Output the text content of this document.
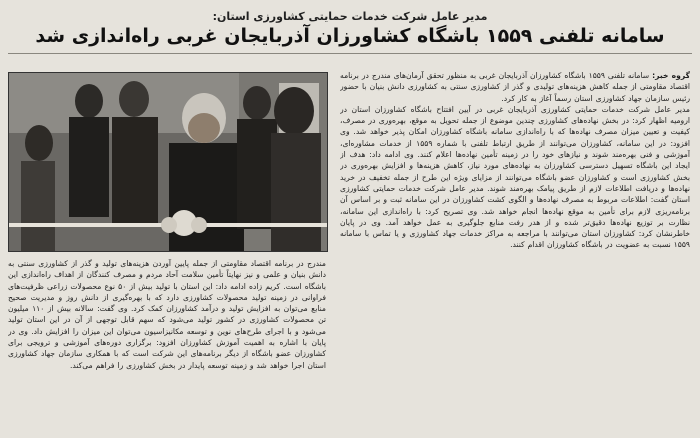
مدیر عامل شرکت خدمات حمایتی کشاورزی استان:
سامانه تلفنی ۱۵۵۹ باشگاه کشاورزان آذربایجان غربی راه‌اندازی شد

گروه خبر: سامانه تلفنی ۱۵۵۹ باشگاه کشاورزان آذربایجان غربی به منظور تحقق آرمان‌های مندرج در برنامه اقتصاد مقاومتی از جمله کاهش هزینه‌های تولیدی و گذر از کشاورزی سنتی به کشاورزی دانش بنیان با حضور رئیس سازمان جهاد کشاورزی استان رسماً آغاز به کار کرد.

مدیر عامل شرکت خدمات حمایتی کشاورزی آذربایجان غربی در آیین افتتاح باشگاه کشاورزان استان در ارومیه اظهار کرد: در بخش نهاده‌های کشاورزی چندین موضوع از جمله تحویل به موقع، بهره‌وری در مصرف، کیفیت و تعیین میزان مصرف نهاده‌ها که با راه‌اندازی سامانه باشگاه کشاورزان امکان پذیر خواهد شد. وی افزود: در این سامانه، کشاورزان می‌توانند از طریق ارتباط تلفنی با شماره ۱۵۵۹ از خدمات مشاوره‌ای، آموزشی و فنی بهره‌مند شوند و نیازهای خود را در زمینه تأمین نهاده‌ها اعلام کنند. وی ادامه داد: هدف از ایجاد این باشگاه تسهیل دسترسی کشاورزان به نهاده‌های مورد نیاز، کاهش هزینه‌ها و افزایش بهره‌وری در بخش کشاورزی است و کشاورزان عضو باشگاه می‌توانند از مزایای ویژه این طرح از جمله تخفیف در خرید نهاده‌ها و دریافت اطلاعات لازم از طریق پیامک بهره‌مند شوند. مدیر عامل شرکت خدمات حمایتی کشاورزی استان گفت: اطلاعات مربوط به مصرف نهاده‌ها و الگوی کشت کشاورزان در این سامانه ثبت و بر اساس آن برنامه‌ریزی لازم برای تأمین به موقع نهاده‌ها انجام خواهد شد. وی تصریح کرد: با راه‌اندازی این سامانه، نظارت بر توزیع نهاده‌ها دقیق‌تر شده و از هدر رفت منابع جلوگیری به عمل خواهد آمد. وی در پایان خاطرنشان کرد: کشاورزان استان می‌توانند با مراجعه به مراکز خدمات جهاد کشاورزی و یا تماس با سامانه ۱۵۵۹ نسبت به عضویت در باشگاه کشاورزان اقدام کنند.

مندرج در برنامه اقتصاد مقاومتی از جمله پایین آوردن هزینه‌های تولید و گذر از کشاورزی سنتی به دانش بنیان و علمی و نیز نهایتاً تأمین سلامت آحاد مردم و مصرف کنندگان از اهداف راه‌اندازی این باشگاه است. کریم زاده ادامه داد: این استان با تولید بیش از ۵۰ نوع محصولات زراعی ظرفیت‌های فراوانی در زمینه تولید محصولات کشاورزی دارد که با بهره‌گیری از دانش روز و مدیریت صحیح منابع می‌توان به افزایش تولید و درآمد کشاورزان کمک کرد. وی گفت: سالانه بیش از ۱۱۰ میلیون تن محصولات کشاورزی در کشور تولید می‌شود که سهم قابل توجهی از آن در این استان تولید می‌شود و با اجرای طرح‌های نوین و توسعه مکانیزاسیون می‌توان این میزان را افزایش داد. وی در پایان با اشاره به اهمیت آموزش کشاورزان افزود: برگزاری دوره‌های آموزشی و ترویجی برای کشاورزان عضو باشگاه از دیگر برنامه‌های این شرکت است که با همکاری سازمان جهاد کشاورزی استان اجرا خواهد شد و زمینه توسعه پایدار در بخش کشاورزی را فراهم می‌کند.
